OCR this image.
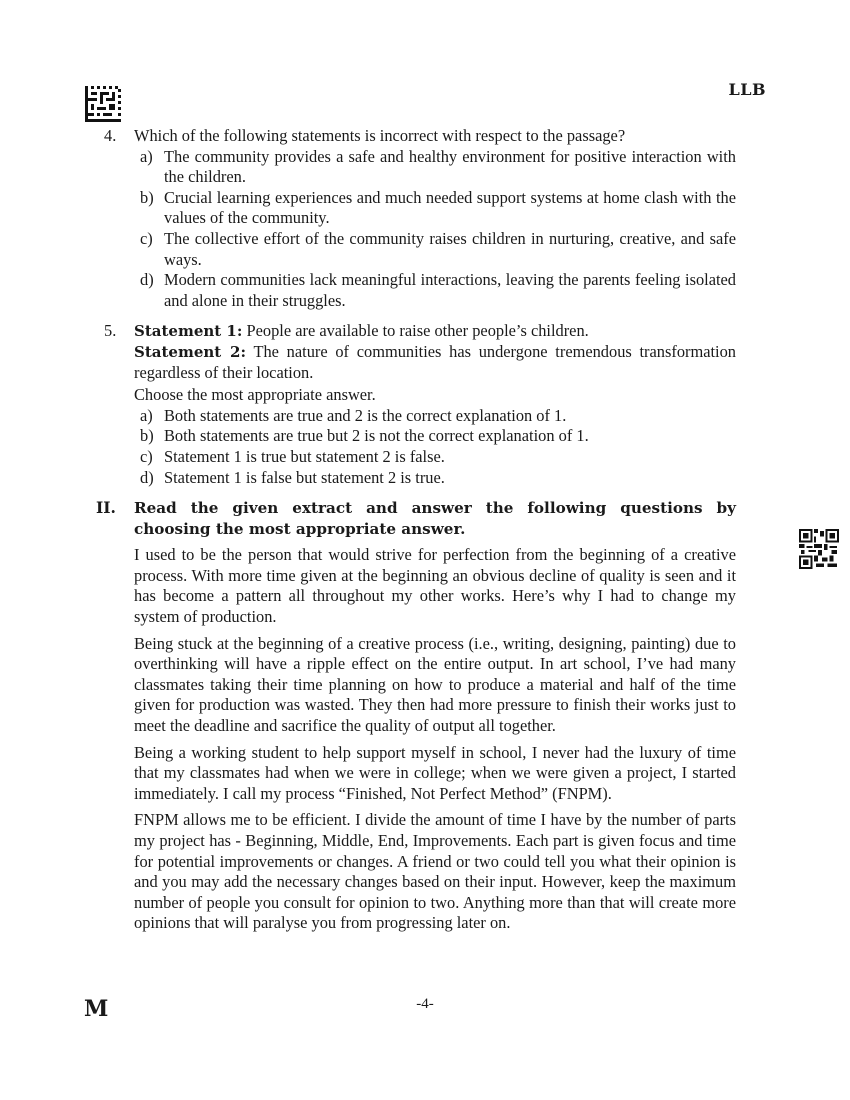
LLB
4. Which of the following statements is incorrect with respect to the passage?
a) The community provides a safe and healthy environment for positive interaction with the children.
b) Crucial learning experiences and much needed support systems at home clash with the values of the community.
c) The collective effort of the community raises children in nurturing, creative, and safe ways.
d) Modern communities lack meaningful interactions, leaving the parents feeling isolated and alone in their struggles.
5. Statement 1: People are available to raise other people’s children.
Statement 2: The nature of communities has undergone tremendous transformation regardless of their location.
Choose the most appropriate answer.
a) Both statements are true and 2 is the correct explanation of 1.
b) Both statements are true but 2 is not the correct explanation of 1.
c) Statement 1 is true but statement 2 is false.
d) Statement 1 is false but statement 2 is true.
II. Read the given extract and answer the following questions by choosing the most appropriate answer.
I used to be the person that would strive for perfection from the beginning of a creative process. With more time given at the beginning an obvious decline of quality is seen and it has become a pattern all throughout my other works. Here’s why I had to change my system of production.
Being stuck at the beginning of a creative process (i.e., writing, designing, painting) due to overthinking will have a ripple effect on the entire output. In art school, I’ve had many classmates taking their time planning on how to produce a material and half of the time given for production was wasted. They then had more pressure to finish their works just to meet the deadline and sacrifice the quality of output all together.
Being a working student to help support myself in school, I never had the luxury of time that my classmates had when we were in college; when we were given a project, I started immediately. I call my process “Finished, Not Perfect Method” (FNPM).
FNPM allows me to be efficient. I divide the amount of time I have by the number of parts my project has - Beginning, Middle, End, Improvements. Each part is given focus and time for potential improvements or changes. A friend or two could tell you what their opinion is and you may add the necessary changes based on their input. However, keep the maximum number of people you consult for opinion to two. Anything more than that will create more opinions that will paralyse you from progressing later on.
M	-4-
